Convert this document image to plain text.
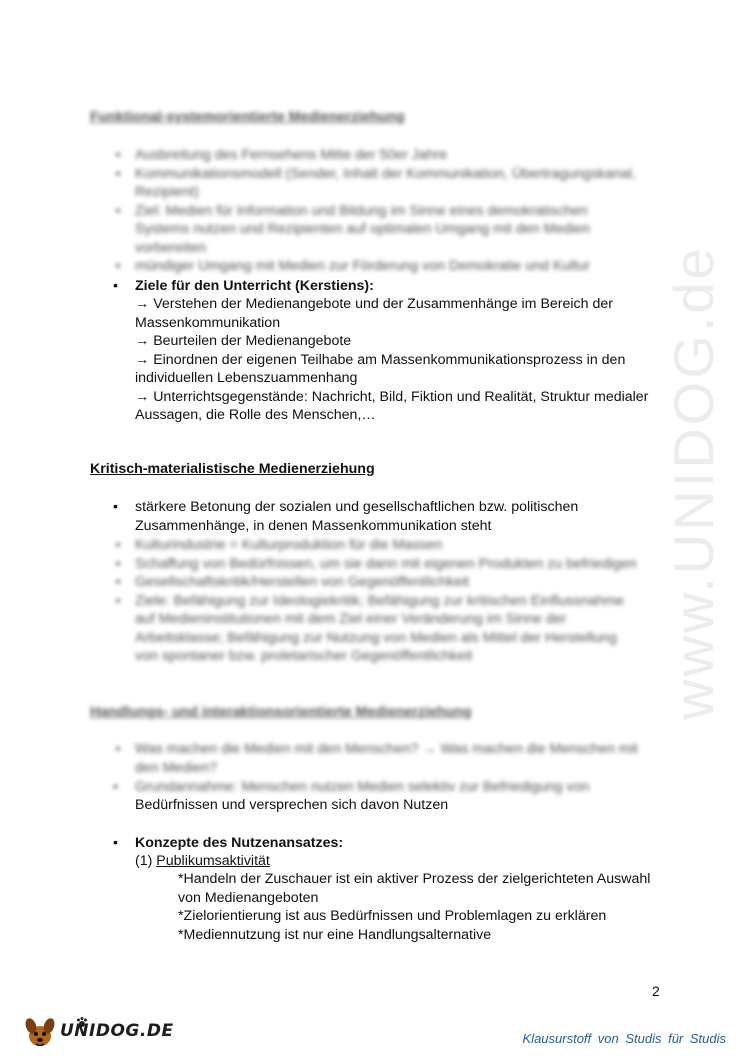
www.UNIDOG.de
Funktional-systemorientierte Medienerziehung
• Ausbreitung des Fernsehens Mitte der 50er Jahre
• Kommunikationsmodell (Sender, Inhalt der Kommunikation, Übertragungskanal, Rezipient)
• Ziel: Medien für Information und Bildung im Sinne eines demokratischen Systems nutzen und Rezipienten auf optimalen Umgang mit den Medien vorbereiten
• mündiger Umgang mit Medien zur Förderung von Demokratie und Kultur
• Ziele für den Unterricht (Kerstiens):
→ Verstehen der Medienangebote und der Zusammenhänge im Bereich der Massenkommunikation
→ Beurteilen der Medienangebote
→ Einordnen der eigenen Teilhabe am Massenkommunikationsprozess in den individuellen Lebenszuammenhang
→ Unterrichtsgegenstände: Nachricht, Bild, Fiktion und Realität, Struktur medialer Aussagen, die Rolle des Menschen,…
Kritisch-materialistische Medienerziehung
• stärkere Betonung der sozialen und gesellschaftlichen bzw. politischen Zusammenhänge, in denen Massenkommunikation steht
• Kulturindustrie = Kulturproduktion für die Massen
• Schaffung von Bedürfnissen, um sie dann mit eigenen Produkten zu befriedigen
• Gesellschaftskritik/Herstellen von Gegenöffentlichkeit
• Ziele: Befähigung zur Ideologiekritik; Befähigung zur kritischen Einflussnahme auf Medieninstitutionen mit dem Ziel einer Veränderung im Sinne der Arbeitsklasse; Befähigung zur Nutzung von Medien als Mittel der Herstellung von spontaner bzw. proletarischer Gegenöffentlichkeit
Handlungs- und interaktionsorientierte Medienerziehung
• Was machen die Medien mit den Menschen? → Was machen die Menschen mit den Medien?
• Grundannahme: Menschen nutzen Medien selektiv zur Befriedigung von
Bedürfnissen und versprechen sich davon Nutzen
• Konzepte des Nutzenansatzes:
(1) Publikumsaktivität
*Handeln der Zuschauer ist ein aktiver Prozess der zielgerichteten Auswahl von Medienangeboten
*Zielorientierung ist aus Bedürfnissen und Problemlagen zu erklären
*Mediennutzung ist nur eine Handlungsalternative
2
UNIDOG.DE	Klausurstoff von Studis für Studis
